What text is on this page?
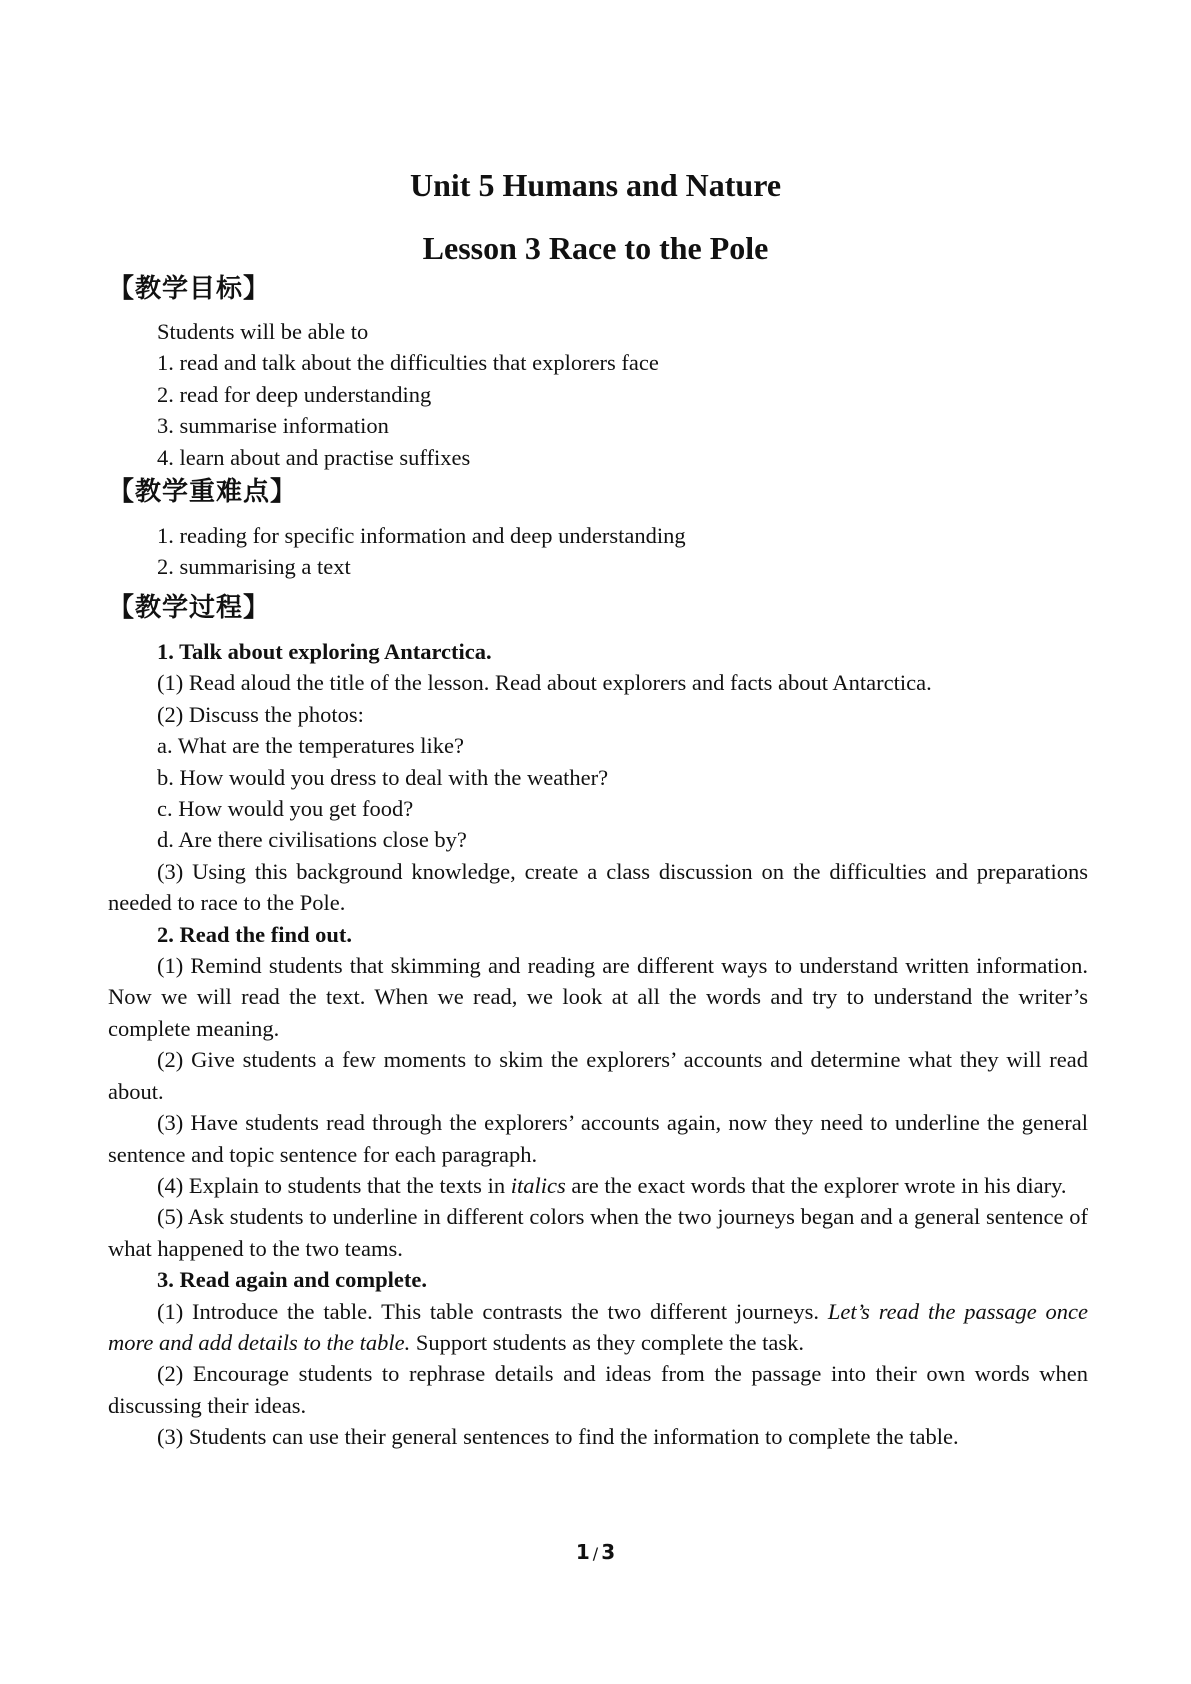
Unit 5 Humans and Nature
Lesson 3 Race to the Pole
【教学目标】

Students will be able to

1. read and talk about the difficulties that explorers face

2. read for deep understanding

3. summarise information

4. learn about and practise suffixes

【教学重难点】

1. reading for specific information and deep understanding

2. summarising a text

【教学过程】

1. Talk about exploring Antarctica.

(1) Read aloud the title of the lesson. Read about explorers and facts about Antarctica.

(2) Discuss the photos:

a. What are the temperatures like?

b. How would you dress to deal with the weather?

c. How would you get food?

d. Are there civilisations close by?

(3) Using this background knowledge, create a class discussion on the difficulties and preparations needed to race to the Pole.

2. Read the find out.

(1) Remind students that skimming and reading are different ways to understand written information. Now we will read the text. When we read, we look at all the words and try to understand the writer’s complete meaning.

(2) Give students a few moments to skim the explorers’ accounts and determine what they will read about.

(3) Have students read through the explorers’ accounts again, now they need to underline the general sentence and topic sentence for each paragraph.

(4) Explain to students that the texts in italics are the exact words that the explorer wrote in his diary.

(5) Ask students to underline in different colors when the two journeys began and a general sentence of what happened to the two teams.

3. Read again and complete.

(1) Introduce the table. This table contrasts the two different journeys. Let’s read the passage once more and add details to the table. Support students as they complete the task.

(2) Encourage students to rephrase details and ideas from the passage into their own words when discussing their ideas.

(3) Students can use their general sentences to find the information to complete the table.

1 / 3
